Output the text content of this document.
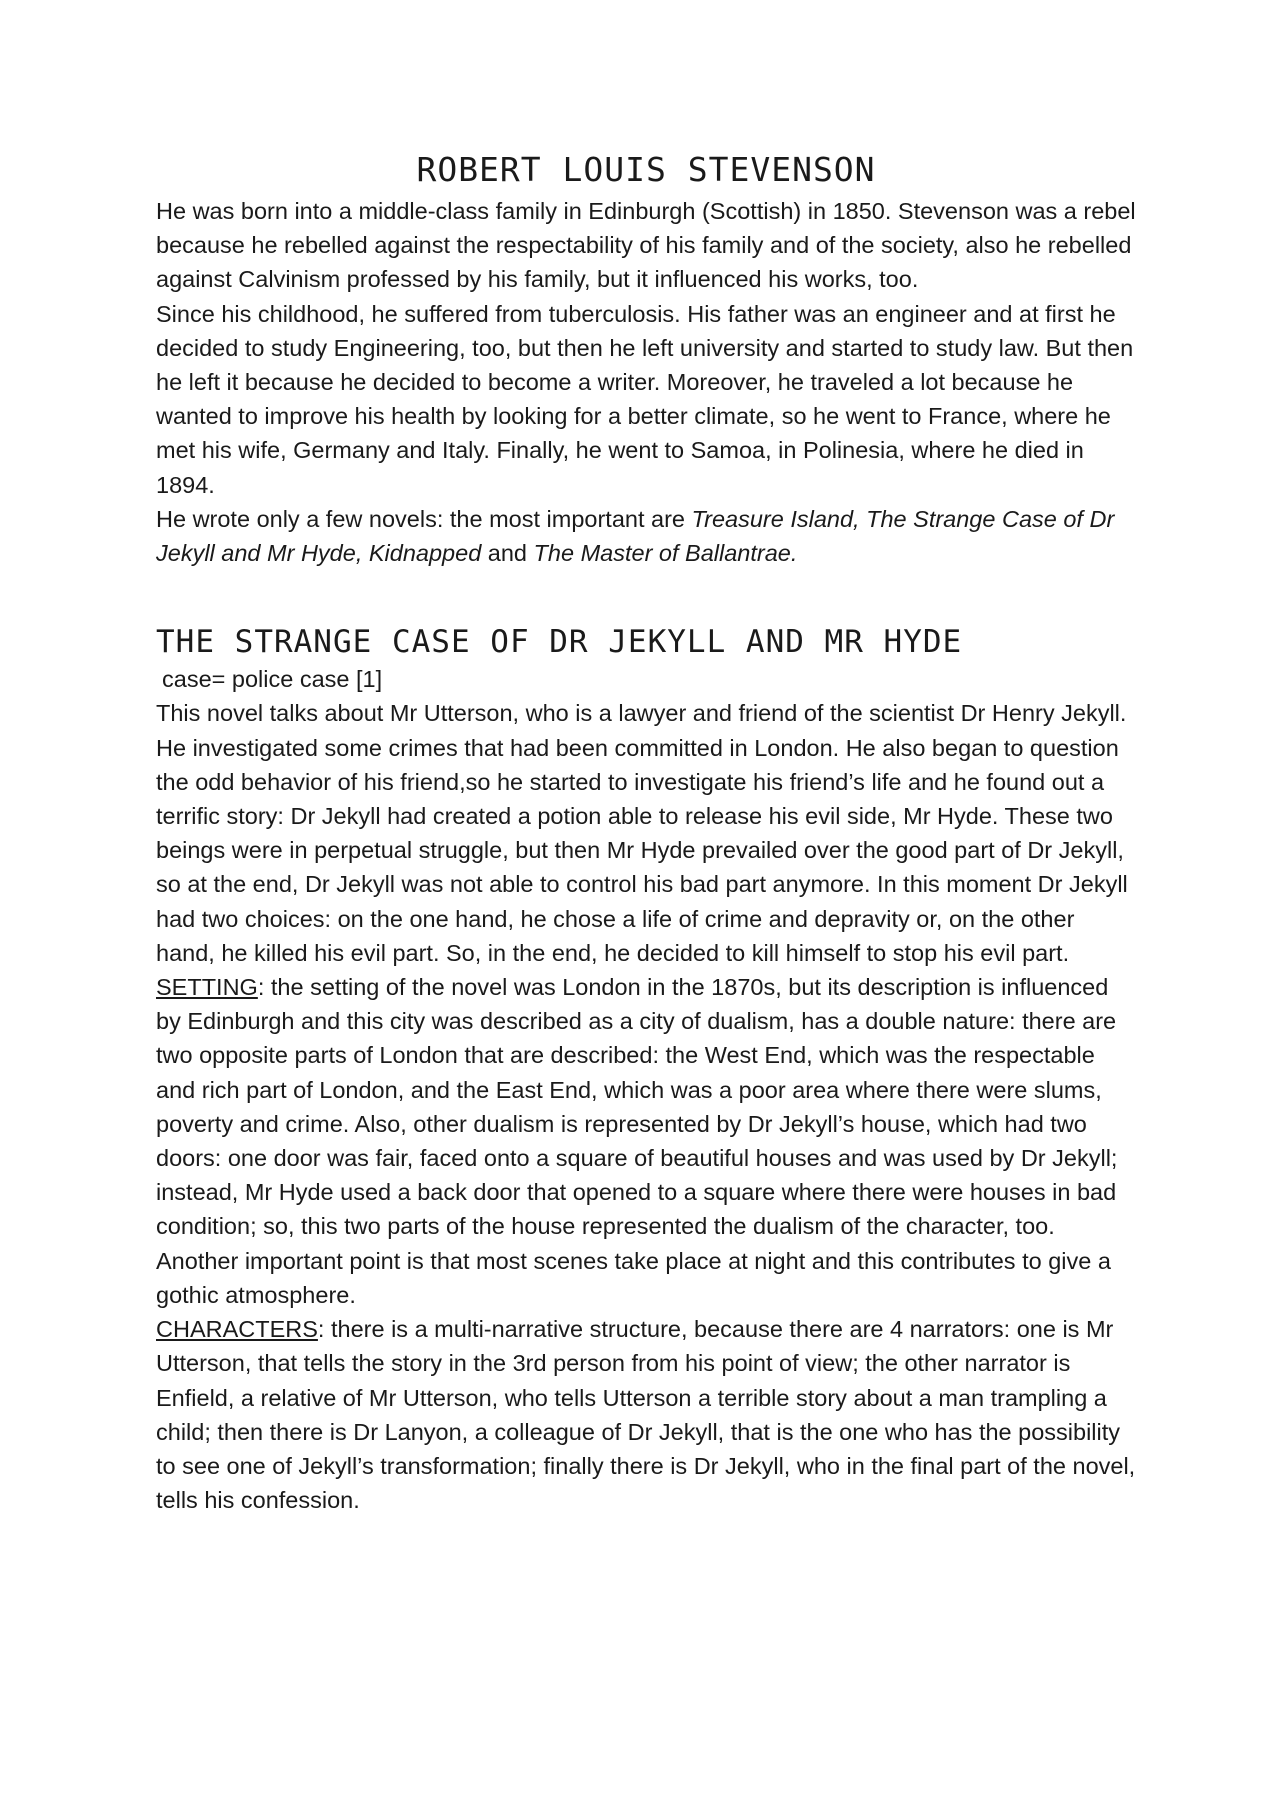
ROBERT LOUIS STEVENSON

He was born into a middle-class family in Edinburgh (Scottish) in 1850. Stevenson was a rebel because he rebelled against the respectability of his family and of the society, also he rebelled against Calvinism professed by his family, but it influenced his works, too.

Since his childhood, he suffered from tuberculosis. His father was an engineer and at first he decided to study Engineering, too, but then he left university and started to study law. But then he left it because he decided to become a writer. Moreover, he traveled a lot because he wanted to improve his health by looking for a better climate, so he went to France, where he met his wife, Germany and Italy. Finally, he went to Samoa, in Polinesia, where he died in 1894.

He wrote only a few novels: the most important are Treasure Island, The Strange Case of Dr Jekyll and Mr Hyde, Kidnapped and The Master of Ballantrae.

THE STRANGE CASE OF DR JEKYLL AND MR HYDE

case= police case [1]

This novel talks about Mr Utterson, who is a lawyer and friend of the scientist Dr Henry Jekyll. He investigated some crimes that had been committed in London. He also began to question the odd behavior of his friend,so he started to investigate his friend’s life and he found out a terrific story: Dr Jekyll had created a potion able to release his evil side, Mr Hyde. These two beings were in perpetual struggle, but then Mr Hyde prevailed over the good part of Dr Jekyll, so at the end, Dr Jekyll was not able to control his bad part anymore. In this moment Dr Jekyll had two choices: on the one hand, he chose a life of crime and depravity or, on the other hand, he killed his evil part. So, in the end, he decided to kill himself to stop his evil part.

SETTING: the setting of the novel was London in the 1870s, but its description is influenced by Edinburgh and this city was described as a city of dualism, has a double nature: there are two opposite parts of London that are described: the West End, which was the respectable and rich part of London, and the East End, which was a poor area where there were slums, poverty and crime. Also, other dualism is represented by Dr Jekyll’s house, which had two doors: one door was fair, faced onto a square of beautiful houses and was used by Dr Jekyll; instead, Mr Hyde used a back door that opened to a square where there were houses in bad condition; so, this two parts of the house represented the dualism of the character, too. Another important point is that most scenes take place at night and this contributes to give a gothic atmosphere.

CHARACTERS: there is a multi-narrative structure, because there are 4 narrators: one is Mr Utterson, that tells the story in the 3rd person from his point of view; the other narrator is Enfield, a relative of Mr Utterson, who tells Utterson a terrible story about a man trampling a child; then there is Dr Lanyon, a colleague of Dr Jekyll, that is the one who has the possibility to see one of Jekyll’s transformation; finally there is Dr Jekyll, who in the final part of the novel, tells his confession.
